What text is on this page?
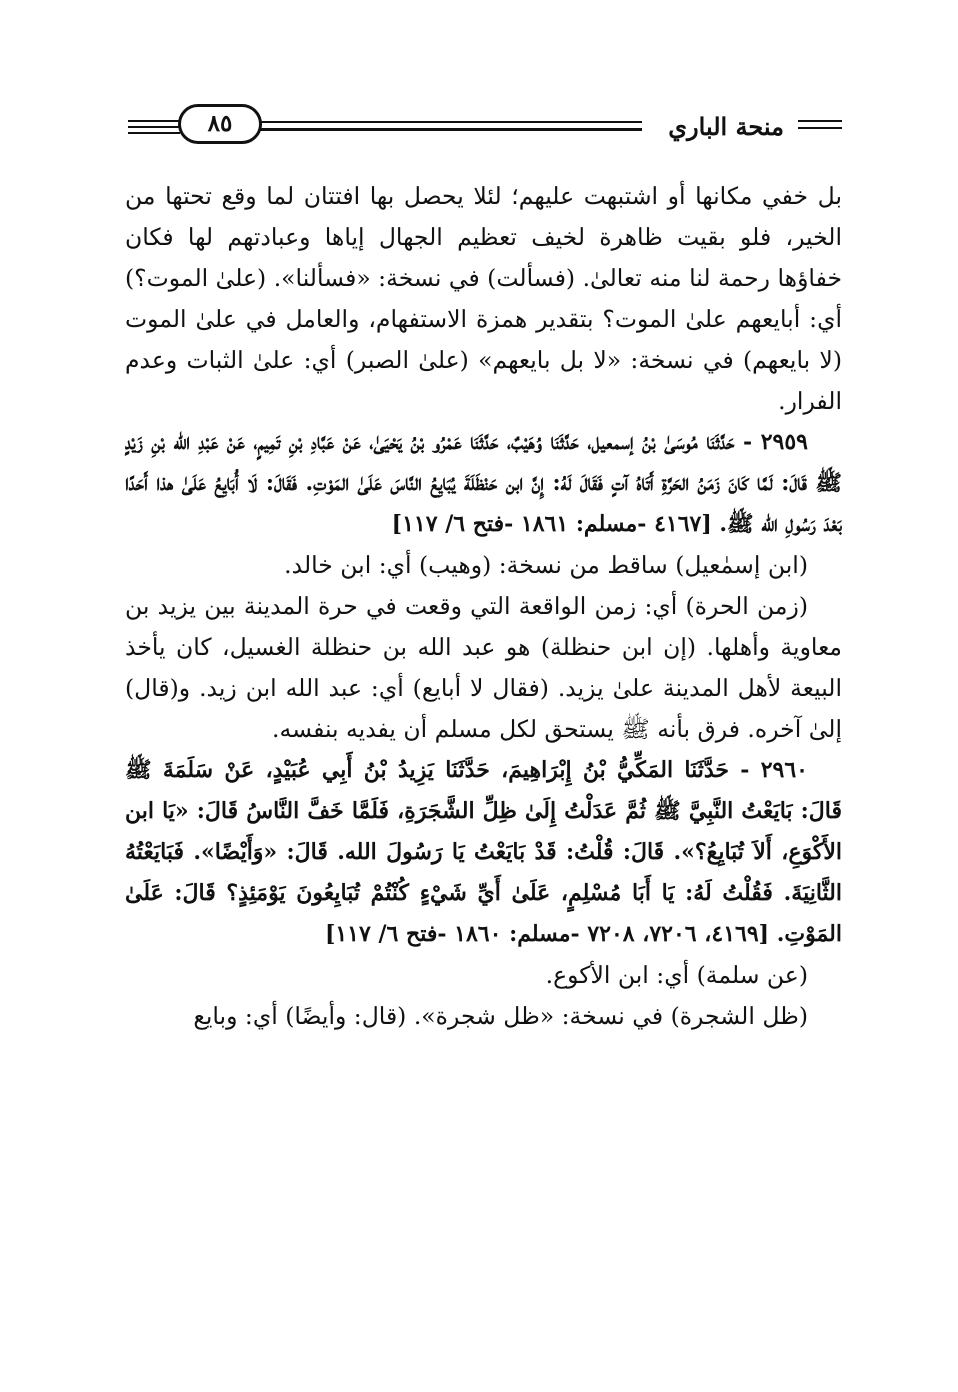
٨٥	منحة الباري

بل خفي مكانها أو اشتبهت عليهم؛ لئلا يحصل بها افتتان لما وقع تحتها من الخير، فلو بقيت ظاهرة لخيف تعظيم الجهال إياها وعبادتهم لها فكان خفاؤها رحمة لنا منه تعالىٰ. (فسألت) في نسخة: «فسألنا». (علىٰ الموت؟) أي: أبايعهم علىٰ الموت؟ بتقدير همزة الاستفهام، والعامل في علىٰ الموت (لا بايعهم) في نسخة: «لا بل بايعهم» (علىٰ الصبر) أي: علىٰ الثبات وعدم الفرار.

٢٩٥٩ - حَدَّثَنَا مُوسَىٰ بْنُ إسمعيل، حَدَّثَنَا وُهَيْبٌ، حَدَّثَنَا عَمْرُو بْنُ يَحْيَىٰ، عَنْ عَبَّادِ بْنِ تَمِيمٍ، عَنْ عَبْدِ الله بْنِ زَيْدٍ ﷺ قَالَ: لَمَّا كَانَ زَمَنُ الحَرَّةِ أَتَاهُ آتٍ فَقَالَ لَهُ: إِنَّ ابن حَنْظَلَةَ يُبَايِعُ النَّاسَ عَلَىٰ المَوْتِ. فَقَالَ: لَا أُبَايِعُ عَلَىٰ هذا أَحَدًا بَعْدَ رَسُولِ الله ﷺ. [٤١٦٧ -مسلم: ١٨٦١ -فتح ٦/ ١١٧]

(ابن إسمٰعيل) ساقط من نسخة: (وهيب) أي: ابن خالد.

(زمن الحرة) أي: زمن الواقعة التي وقعت في حرة المدينة بين يزيد بن معاوية وأهلها. (إن ابن حنظلة) هو عبد الله بن حنظلة الغسيل، كان يأخذ البيعة لأهل المدينة علىٰ يزيد. (فقال لا أبايع) أي: عبد الله ابن زيد. و(قال) إلىٰ آخره. فرق بأنه ﷺ يستحق لكل مسلم أن يفديه بنفسه.

٢٩٦٠ - حَدَّثَنَا المَكِّيُّ بْنُ إِبْرَاهِيمَ، حَدَّثَنَا يَزِيدُ بْنُ أَبِي عُبَيْدٍ، عَنْ سَلَمَةَ ﷺ قَالَ: بَايَعْتُ النَّبِيَّ ﷺ ثُمَّ عَدَلْتُ إِلَىٰ ظِلِّ الشَّجَرَةِ، فَلَمَّا خَفَّ النَّاسُ قَالَ: «يَا ابن الأَكْوَعِ، أَلاَ تُبَايِعُ؟». قَالَ: قُلْتُ: قَدْ بَايَعْتُ يَا رَسُولَ الله. قَالَ: «وَأَيْضًا». فَبَايَعْتُهُ الثَّانِيَةَ. فَقُلْتُ لَهُ: يَا أَبَا مُسْلِمٍ، عَلَىٰ أَيِّ شَيْءٍ كُنْتُمْ تُبَايِعُونَ يَوْمَئِذٍ؟ قَالَ: عَلَىٰ المَوْتِ. [٤١٦٩، ٧٢٠٦، ٧٢٠٨ -مسلم: ١٨٦٠ -فتح ٦/ ١١٧]

(عن سلمة) أي: ابن الأكوع.

(ظل الشجرة) في نسخة: «ظل شجرة». (قال: وأيضًا) أي: وبايع
